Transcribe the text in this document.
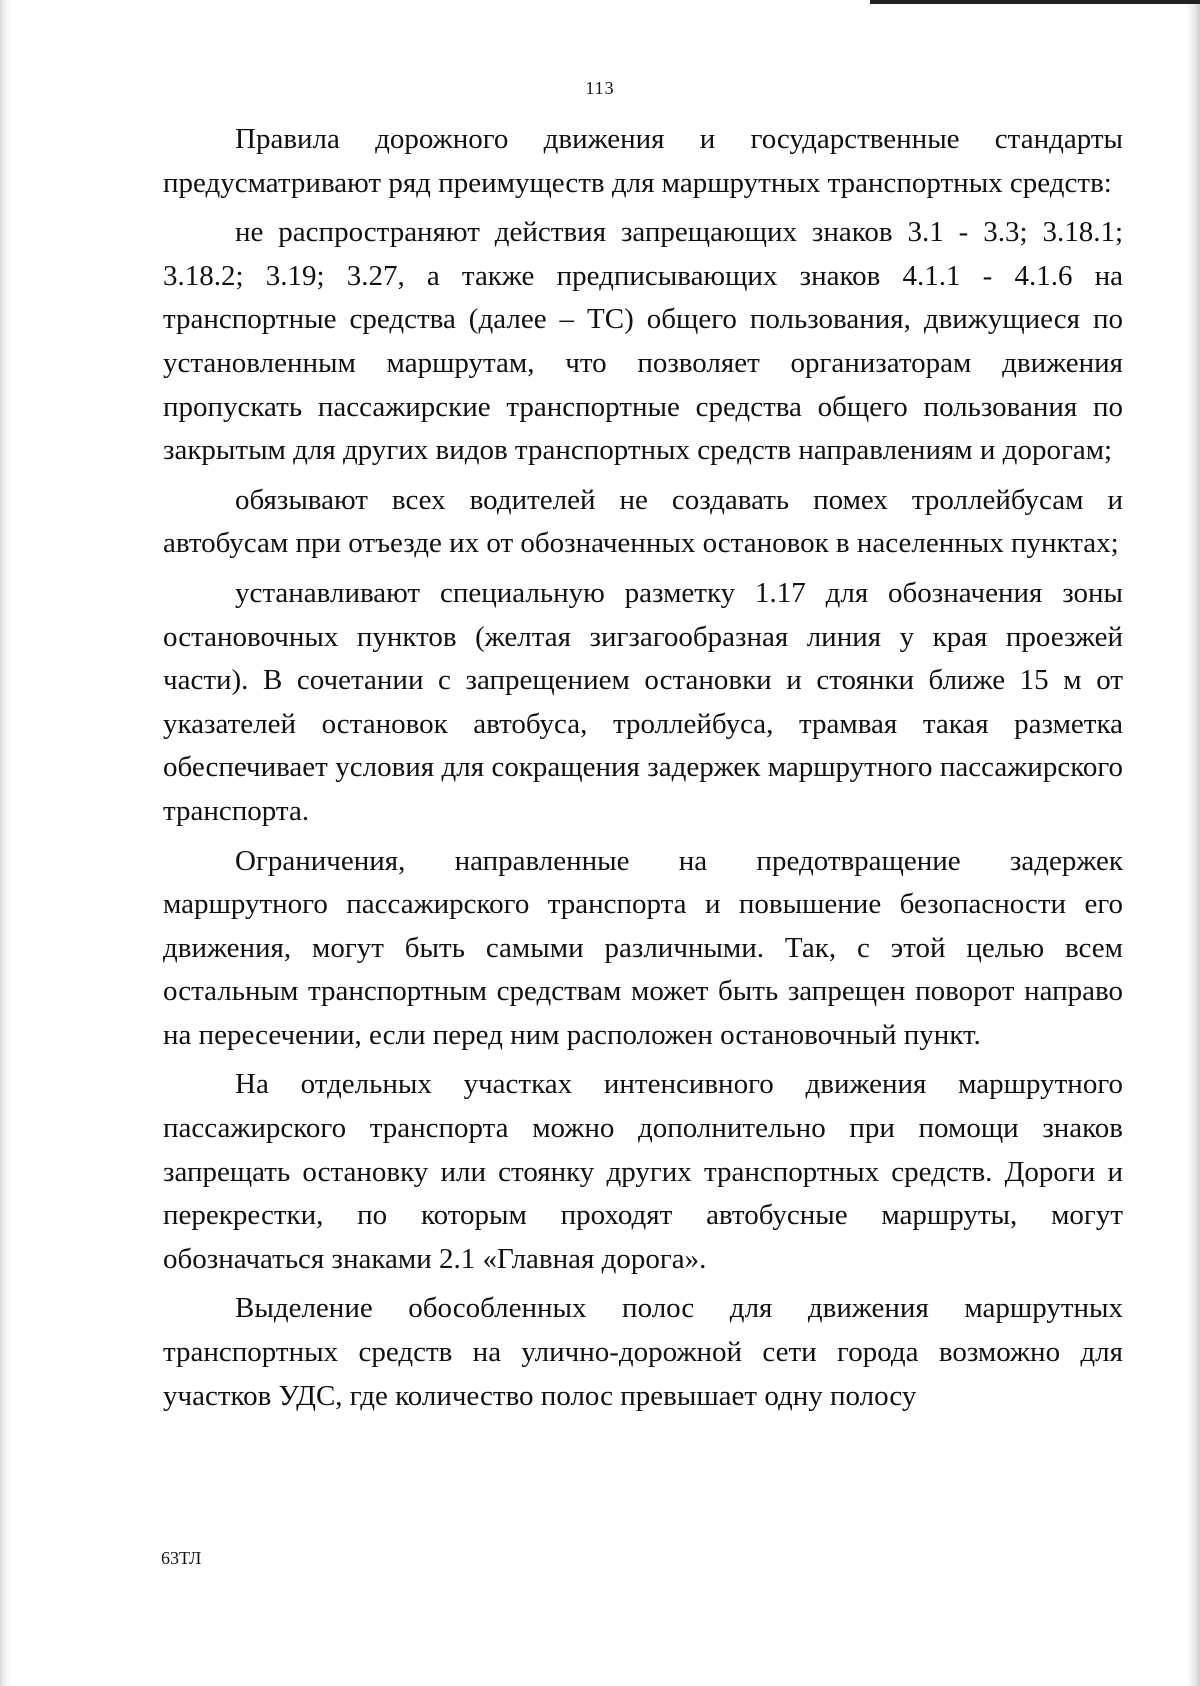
113

Правила дорожного движения и государственные стандарты предусматривают ряд преимуществ для маршрутных транспортных средств:

не распространяют действия запрещающих знаков 3.1 - 3.3; 3.18.1; 3.18.2; 3.19; 3.27, а также предписывающих знаков 4.1.1 - 4.1.6 на транспортные средства (далее – ТС) общего пользования, движущиеся по установленным маршрутам, что позволяет организаторам движения пропускать пассажирские транспортные средства общего пользования по закрытым для других видов транспортных средств направлениям и дорогам;

обязывают всех водителей не создавать помех троллейбусам и автобусам при отъезде их от обозначенных остановок в населенных пунктах;

устанавливают специальную разметку 1.17 для обозначения зоны остановочных пунктов (желтая зигзагообразная линия у края проезжей части). В сочетании с запрещением остановки и стоянки ближе 15 м от указателей остановок автобуса, троллейбуса, трамвая такая разметка обеспечивает условия для сокращения задержек маршрутного пассажирского транспорта.

Ограничения, направленные на предотвращение задержек маршрутного пассажирского транспорта и повышение безопасности его движения, могут быть самыми различными. Так, с этой целью всем остальным транспортным средствам может быть запрещен поворот направо на пересечении, если перед ним расположен остановочный пункт.

На отдельных участках интенсивного движения маршрутного пассажирского транспорта можно дополнительно при помощи знаков запрещать остановку или стоянку других транспортных средств. Дороги и перекрестки, по которым проходят автобусные маршруты, могут обозначаться знаками 2.1 «Главная дорога».

Выделение обособленных полос для движения маршрутных транспортных средств на улично-дорожной сети города возможно для участков УДС, где количество полос превышает одну полосу

63ТЛ
